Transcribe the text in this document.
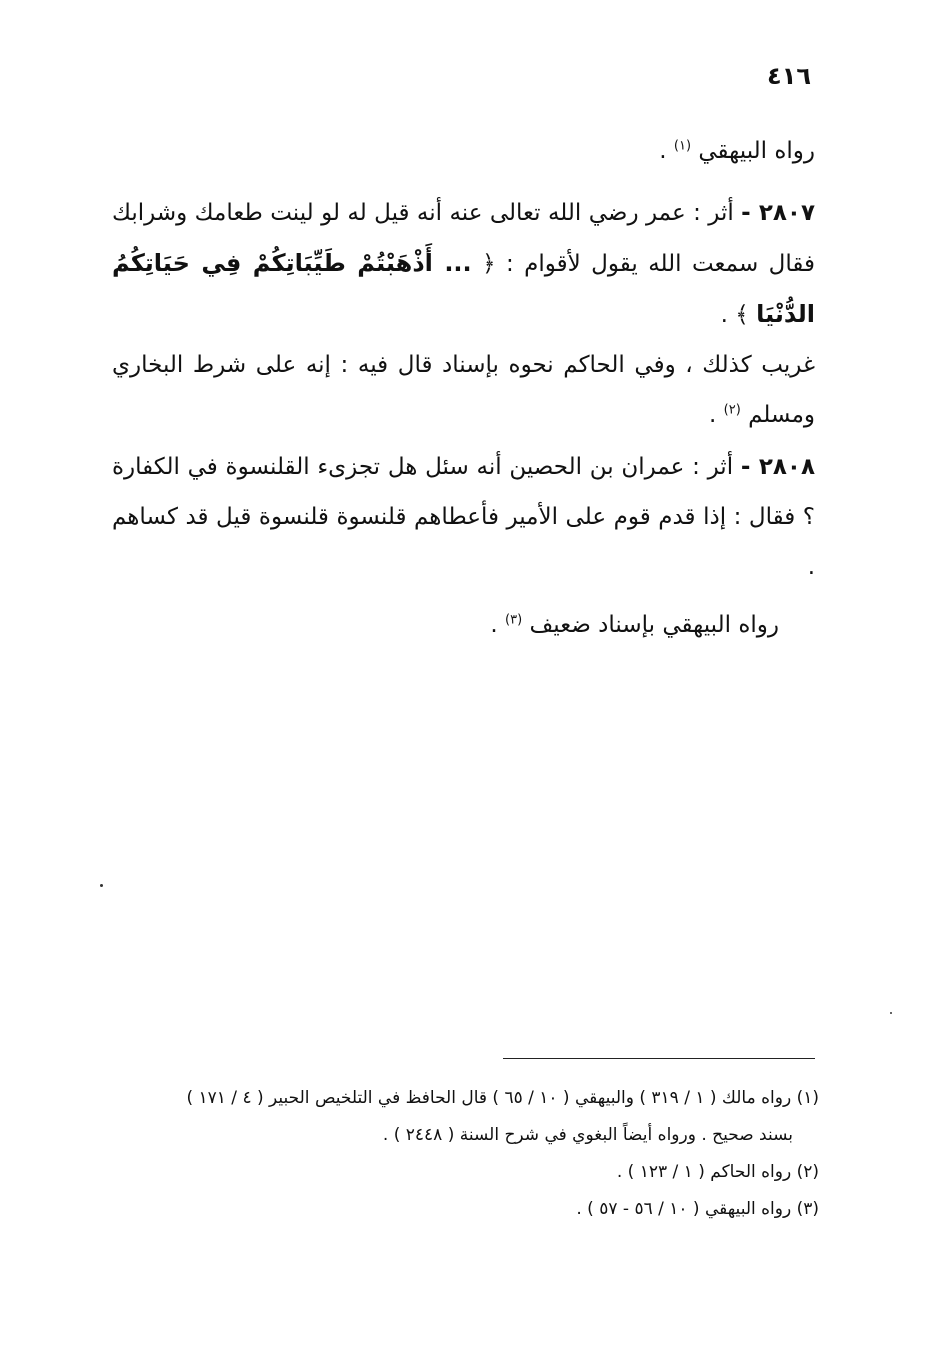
٤١٦

رواه البيهقي $^{(١)}$ .

٢٨٠٧ - أثر : عمر رضي الله تعالى عنه أنه قيل له لو لينت طعامك وشرابك فقال سمعت الله يقول لأقوام : ﴿ ... أَذْهَبْتُمْ طَيِّبَاتِكُمْ فِي حَيَاتِكُمُ الدُّنْيَا ﴾ .

غريب كذلك ، وفي الحاكم نحوه بإسناد قال فيه : إنه على شرط البخاري ومسلم $^{(٢)}$ .

٢٨٠٨ - أثر : عمران بن الحصين أنه سئل هل تجزىء القلنسوة في الكفارة ؟ فقال : إذا قدم قوم على الأمير فأعطاهم قلنسوة قلنسوة قيل قد كساهم .

رواه البيهقي بإسناد ضعيف $^{(٣)}$ .

(١) رواه مالك ( ١ / ٣١٩ ) والبيهقي ( ١٠ / ٦٥ ) قال الحافظ في التلخيص الحبير ( ٤ / ١٧١ )

بسند صحيح . ورواه أيضاً البغوي في شرح السنة ( ٢٤٤٨ ) .

(٢) رواه الحاكم ( ١ / ١٢٣ ) .

(٣) رواه البيهقي ( ١٠ / ٥٦ - ٥٧ ) .
